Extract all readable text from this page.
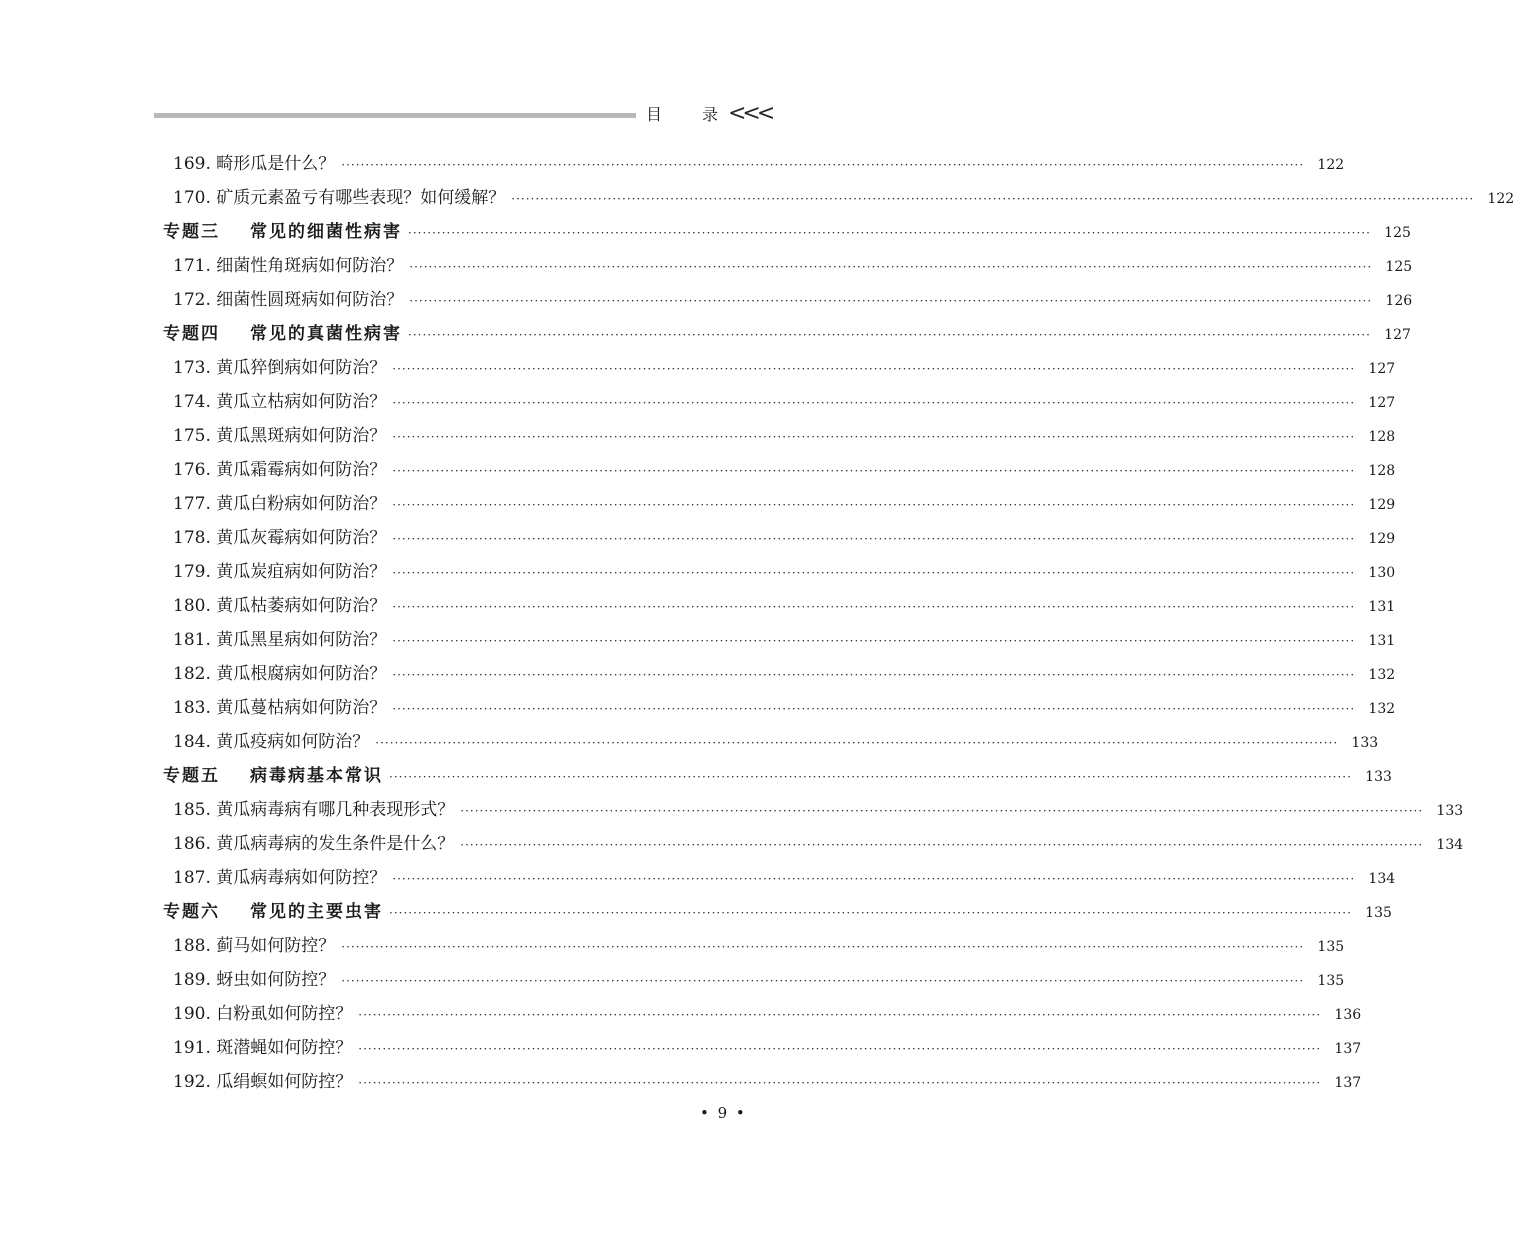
目 录 <<<
169. 畸形瓜是什么？ ········································································································································································································ 122
170. 矿质元素盈亏有哪些表现？如何缓解？ ········································································································································································································ 122
专题三 常见的细菌性病害 ········································································································································································································ 125
171. 细菌性角斑病如何防治？ ········································································································································································································ 125
172. 细菌性圆斑病如何防治？ ········································································································································································································ 126
专题四 常见的真菌性病害 ········································································································································································································ 127
173. 黄瓜猝倒病如何防治？ ········································································································································································································ 127
174. 黄瓜立枯病如何防治？ ········································································································································································································ 127
175. 黄瓜黑斑病如何防治？ ········································································································································································································ 128
176. 黄瓜霜霉病如何防治？ ········································································································································································································ 128
177. 黄瓜白粉病如何防治？ ········································································································································································································ 129
178. 黄瓜灰霉病如何防治？ ········································································································································································································ 129
179. 黄瓜炭疽病如何防治？ ········································································································································································································ 130
180. 黄瓜枯萎病如何防治？ ········································································································································································································ 131
181. 黄瓜黑星病如何防治？ ········································································································································································································ 131
182. 黄瓜根腐病如何防治？ ········································································································································································································ 132
183. 黄瓜蔓枯病如何防治？ ········································································································································································································ 132
184. 黄瓜疫病如何防治？ ········································································································································································································ 133
专题五 病毒病基本常识 ········································································································································································································ 133
185. 黄瓜病毒病有哪几种表现形式？ ········································································································································································································ 133
186. 黄瓜病毒病的发生条件是什么？ ········································································································································································································ 134
187. 黄瓜病毒病如何防控？ ········································································································································································································ 134
专题六 常见的主要虫害 ········································································································································································································ 135
188. 蓟马如何防控？ ········································································································································································································ 135
189. 蚜虫如何防控？ ········································································································································································································ 135
190. 白粉虱如何防控？ ········································································································································································································ 136
191. 斑潜蝇如何防控？ ········································································································································································································ 137
192. 瓜绢螟如何防控？ ········································································································································································································ 137
• 9 •
